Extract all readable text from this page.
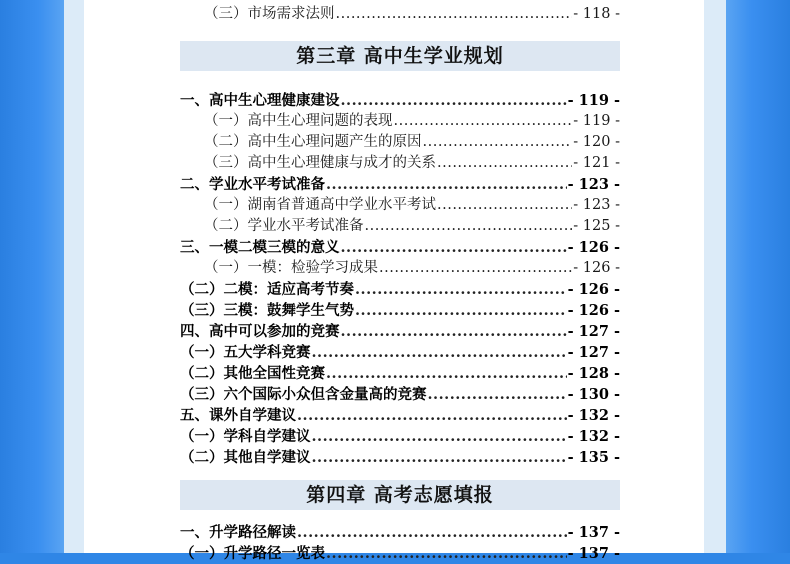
（三）市场需求法则 .....	- 118 -
第三章 高中生学业规划
一、高中生心理健康建设 .....	- 119 -
（一）高中生心理问题的表现 .....	- 119 -
（二）高中生心理问题产生的原因 .....	- 120 -
（三）高中生心理健康与成才的关系 .....	- 121 -
二、学业水平考试准备 .....	- 123 -
（一）湖南省普通高中学业水平考试 .....	- 123 -
（二）学业水平考试准备 .....	- 125 -
三、一模二模三模的意义 .....	- 126 -
（一）一模：检验学习成果 .....	- 126 -
（二）二模：适应高考节奏 .....	- 126 -
（三）三模：鼓舞学生气势 .....	- 126 -
四、高中可以参加的竞赛 .....	- 127 -
（一）五大学科竞赛 .....	- 127 -
（二）其他全国性竞赛 .....	- 128 -
（三）六个国际小众但含金量高的竞赛 .....	- 130 -
五、课外自学建议 .....	- 132 -
（一）学科自学建议 .....	- 132 -
（二）其他自学建议 .....	- 135 -
第四章 高考志愿填报
一、升学路径解读 .....	- 137 -
（一）升学路径一览表 .....	- 137 -
